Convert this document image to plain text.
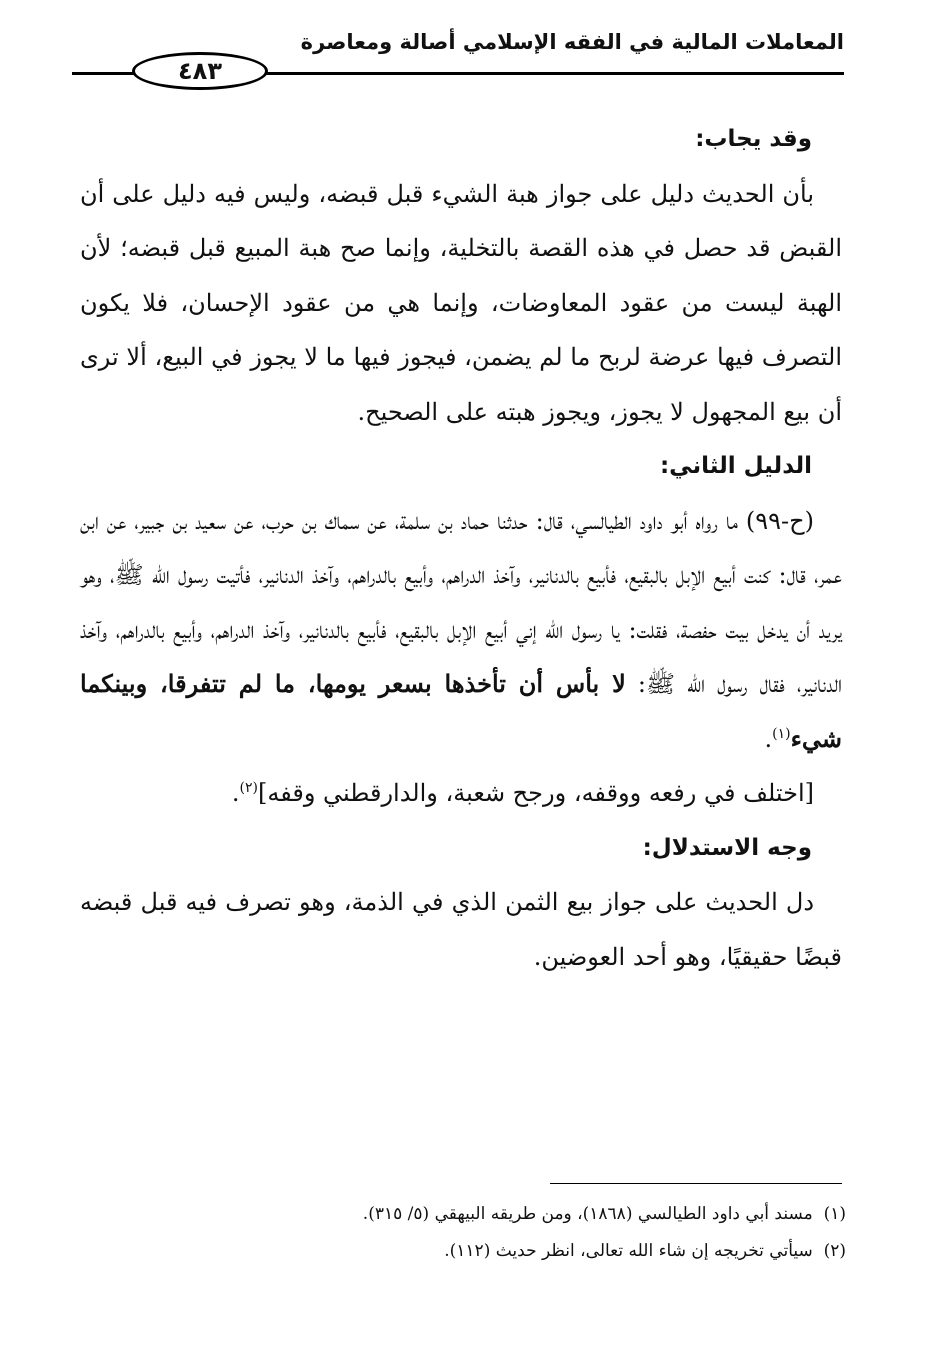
المعاملات المالية في الفقه الإسلامي أصالة ومعاصرة
٤٨٣

وقد يجاب:

بأن الحديث دليل على جواز هبة الشيء قبل قبضه، وليس فيه دليل على أن القبض قد حصل في هذه القصة بالتخلية، وإنما صح هبة المبيع قبل قبضه؛ لأن الهبة ليست من عقود المعاوضات، وإنما هي من عقود الإحسان، فلا يكون التصرف فيها عرضة لربح ما لم يضمن، فيجوز فيها ما لا يجوز في البيع، ألا ترى أن بيع المجهول لا يجوز، ويجوز هبته على الصحيح.

الدليل الثاني:

(ح-٩٩) ما رواه أبو داود الطيالسي، قال: حدثنا حماد بن سلمة، عن سماك بن حرب، عن سعيد بن جبير، عن ابن عمر، قال: كنت أبيع الإبل بالبقيع، فأبيع بالدنانير، وآخذ الدراهم، وأبيع بالدراهم، وآخذ الدنانير، فأتيت رسول الله ﷺ، وهو يريد أن يدخل بيت حفصة، فقلت: يا رسول الله إني أبيع الإبل بالبقيع، فأبيع بالدنانير، وآخذ الدراهم، وأبيع بالدراهم، وآخذ الدنانير، فقال رسول الله ﷺ: لا بأس أن تأخذها بسعر يومها، ما لم تتفرقا، وبينكما شيء$^{(١)}$.

[اختلف في رفعه ووقفه، ورجح شعبة، والدارقطني وقفه]$^{(٢)}$.

وجه الاستدلال:

دل الحديث على جواز بيع الثمن الذي في الذمة، وهو تصرف فيه قبل قبضه قبضًا حقيقيًا، وهو أحد العوضين.

(١)  مسند أبي داود الطيالسي (١٨٦٨)، ومن طريقه البيهقي (٥/ ٣١٥).

(٢)  سيأتي تخريجه إن شاء الله تعالى، انظر حديث (١١٢).
